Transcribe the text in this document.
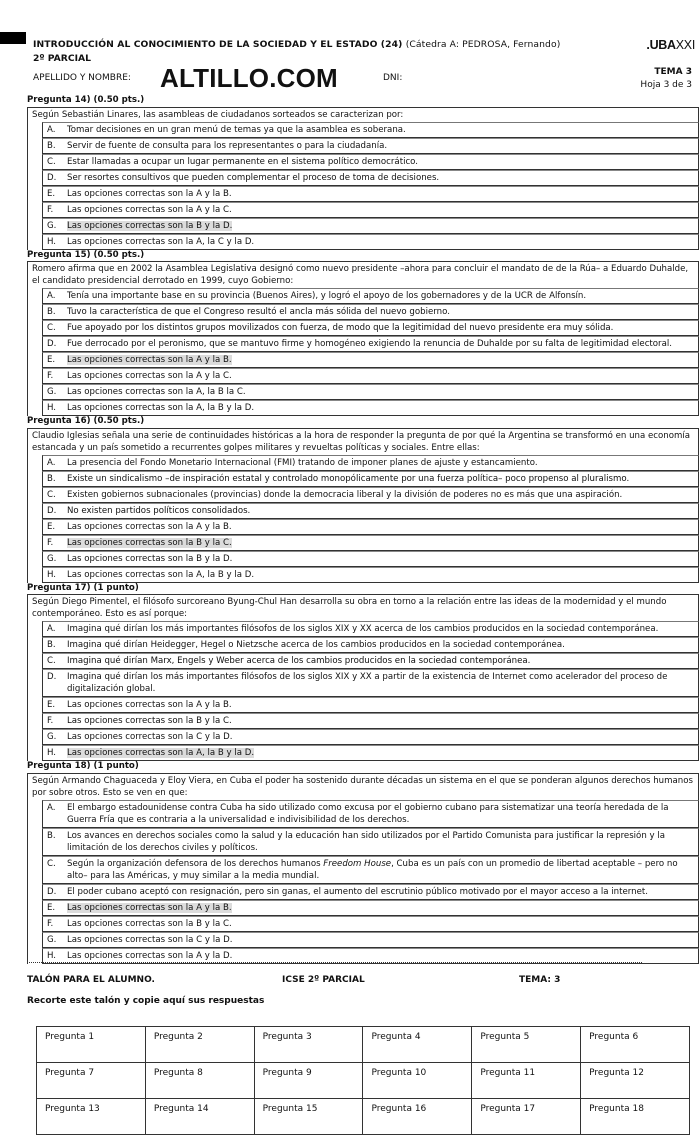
INTRODUCCIÓN AL CONOCIMIENTO DE LA SOCIEDAD Y EL ESTADO (24) (Cátedra A: PEDROSA, Fernando)
2º PARCIAL
.UBAXXI
APELLIDO Y NOMBRE: ALTILLO.COM	DNI:
TEMA 3
Hoja 3 de 3
Pregunta 14) (0.50 pts.)
Según Sebastián Linares, las asambleas de ciudadanos sorteados se caracterizan por:
A.	Tomar decisiones en un gran menú de temas ya que la asamblea es soberana.
B.	Servir de fuente de consulta para los representantes o para la ciudadanía.
C.	Estar llamadas a ocupar un lugar permanente en el sistema político democrático.
D.	Ser resortes consultivos que pueden complementar el proceso de toma de decisiones.
E.	Las opciones correctas son la A y la B.
F.	Las opciones correctas son la A y la C.
G.	Las opciones correctas son la B y la D.
H.	Las opciones correctas son la A, la C y la D.
Pregunta 15) (0.50 pts.)
Romero afirma que en 2002 la Asamblea Legislativa designó como nuevo presidente –ahora para concluir el mandato de de la Rúa– a Eduardo Duhalde, el candidato presidencial derrotado en 1999, cuyo Gobierno:
A.	Tenía una importante base en su provincia (Buenos Aires), y logró el apoyo de los gobernadores y de la UCR de Alfonsín.
B.	Tuvo la característica de que el Congreso resultó el ancla más sólida del nuevo gobierno.
C.	Fue apoyado por los distintos grupos movilizados con fuerza, de modo que la legitimidad del nuevo presidente era muy sólida.
D.	Fue derrocado por el peronismo, que se mantuvo firme y homogéneo exigiendo la renuncia de Duhalde por su falta de legitimidad electoral.
E.	Las opciones correctas son la A y la B.
F.	Las opciones correctas son la A y la C.
G.	Las opciones correctas son la A, la B la C.
H.	Las opciones correctas son la A, la B y la D.
Pregunta 16) (0.50 pts.)
Claudio Iglesias señala una serie de continuidades históricas a la hora de responder la pregunta de por qué la Argentina se transformó en una economía estancada y un país sometido a recurrentes golpes militares y revueltas políticas y sociales. Entre ellas:
A.	La presencia del Fondo Monetario Internacional (FMI) tratando de imponer planes de ajuste y estancamiento.
B.	Existe un sindicalismo –de inspiración estatal y controlado monopólicamente por una fuerza política– poco propenso al pluralismo.
C.	Existen gobiernos subnacionales (provincias) donde la democracia liberal y la división de poderes no es más que una aspiración.
D.	No existen partidos políticos consolidados.
E.	Las opciones correctas son la A y la B.
F.	Las opciones correctas son la B y la C.
G.	Las opciones correctas son la B y la D.
H.	Las opciones correctas son la A, la B y la D.
Pregunta 17) (1 punto)
Según Diego Pimentel, el filósofo surcoreano Byung-Chul Han desarrolla su obra en torno a la relación entre las ideas de la modernidad y el mundo contemporáneo. Esto es así porque:
A.	Imagina qué dirían los más importantes filósofos de los siglos XIX y XX acerca de los cambios producidos en la sociedad contemporánea.
B.	Imagina qué dirían Heidegger, Hegel o Nietzsche acerca de los cambios producidos en la sociedad contemporánea.
C.	Imagina qué dirían Marx, Engels y Weber acerca de los cambios producidos en la sociedad contemporánea.
D.	Imagina qué dirían los más importantes filósofos de los siglos XIX y XX a partir de la existencia de Internet como acelerador del proceso de digitalización global.
E.	Las opciones correctas son la A y la B.
F.	Las opciones correctas son la B y la C.
G.	Las opciones correctas son la C y la D.
H.	Las opciones correctas son la A, la B y la D.
Pregunta 18) (1 punto)
Según Armando Chaguaceda y Eloy Viera, en Cuba el poder ha sostenido durante décadas un sistema en el que se ponderan algunos derechos humanos por sobre otros. Esto se ven en que:
A.	El embargo estadounidense contra Cuba ha sido utilizado como excusa por el gobierno cubano para sistematizar una teoría heredada de la Guerra Fría que es contraria a la universalidad e indivisibilidad de los derechos.
B.	Los avances en derechos sociales como la salud y la educación han sido utilizados por el Partido Comunista para justificar la represión y la limitación de los derechos civiles y políticos.
C.	Según la organización defensora de los derechos humanos Freedom House, Cuba es un país con un promedio de libertad aceptable – pero no alto– para las Américas, y muy similar a la media mundial.
D.	El poder cubano aceptó con resignación, pero sin ganas, el aumento del escrutinio público motivado por el mayor acceso a la internet.
E.	Las opciones correctas son la A y la B.
F.	Las opciones correctas son la B y la C.
G.	Las opciones correctas son la C y la D.
H.	Las opciones correctas son la A y la D.
TALÓN PARA EL ALUMNO.	ICSE 2º PARCIAL	TEMA: 3
Recorte este talón y copie aquí sus respuestas
Pregunta 1	Pregunta 2	Pregunta 3	Pregunta 4	Pregunta 5	Pregunta 6
Pregunta 7	Pregunta 8	Pregunta 9	Pregunta 10	Pregunta 11	Pregunta 12
Pregunta 13	Pregunta 14	Pregunta 15	Pregunta 16	Pregunta 17	Pregunta 18
